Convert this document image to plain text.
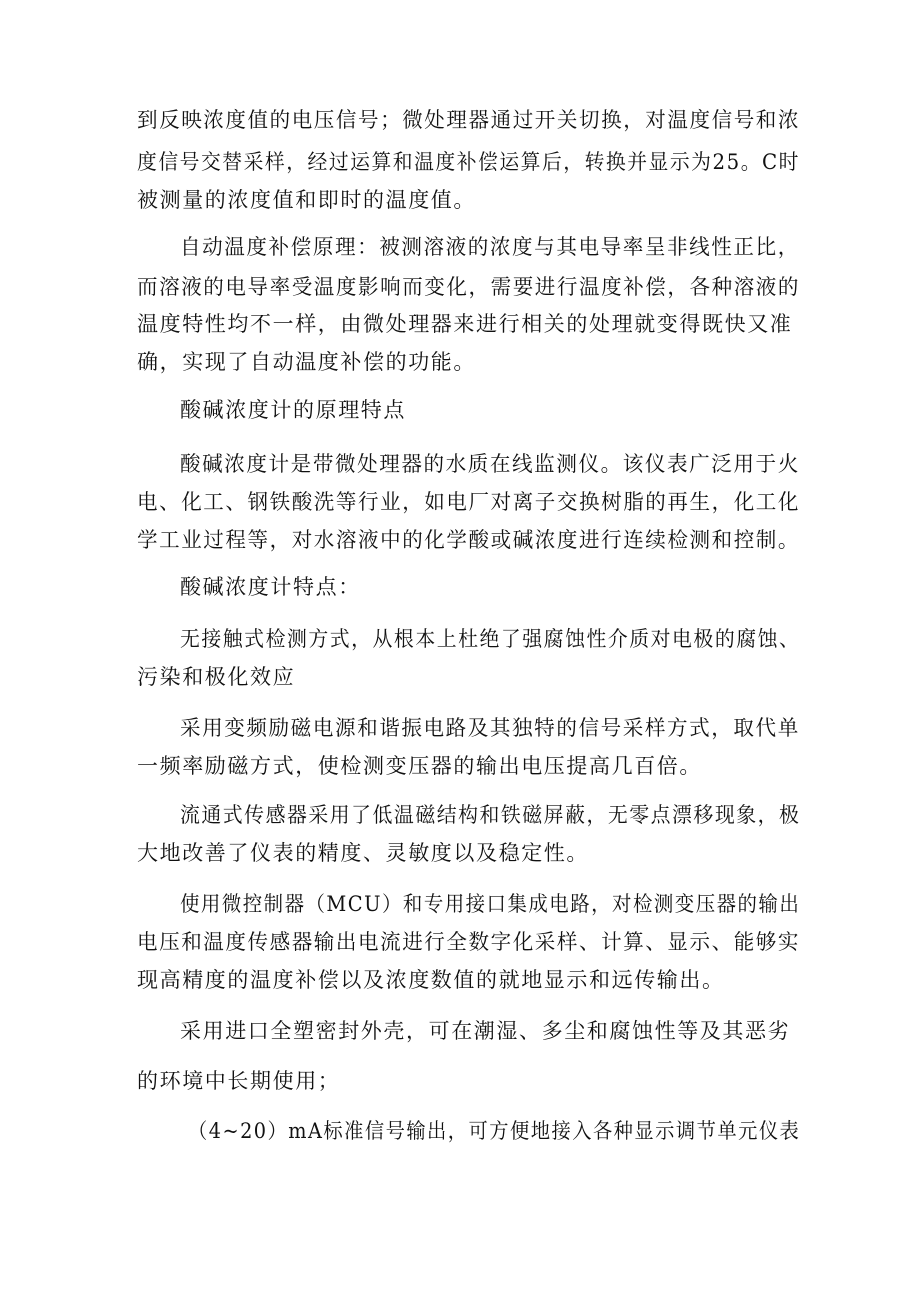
到反映浓度值的电压信号；微处理器通过开关切换，对温度信号和浓
度信号交替采样，经过运算和温度补偿运算后，转换并显示为25。C时
被测量的浓度值和即时的温度值。
自动温度补偿原理：被测溶液的浓度与其电导率呈非线性正比，
而溶液的电导率受温度影响而变化，需要进行温度补偿，各种溶液的
温度特性均不一样，由微处理器来进行相关的处理就变得既快又准
确，实现了自动温度补偿的功能。
酸碱浓度计的原理特点
酸碱浓度计是带微处理器的水质在线监测仪。该仪表广泛用于火
电、化工、钢铁酸洗等行业，如电厂对离子交换树脂的再生，化工化
学工业过程等，对水溶液中的化学酸或碱浓度进行连续检测和控制。
酸碱浓度计特点：
无接触式检测方式，从根本上杜绝了强腐蚀性介质对电极的腐蚀、
污染和极化效应
采用变频励磁电源和谐振电路及其独特的信号采样方式，取代单
一频率励磁方式，使检测变压器的输出电压提高几百倍。
流通式传感器采用了低温磁结构和铁磁屏蔽，无零点漂移现象，极
大地改善了仪表的精度、灵敏度以及稳定性。
使用微控制器（MCU）和专用接口集成电路，对检测变压器的输出
电压和温度传感器输出电流进行全数字化采样、计算、显示、能够实
现高精度的温度补偿以及浓度数值的就地显示和远传输出。
采用进口全塑密封外壳，可在潮湿、多尘和腐蚀性等及其恶劣
的环境中长期使用；
（4~20）mA标准信号输出，可方便地接入各种显示调节单元仪表
